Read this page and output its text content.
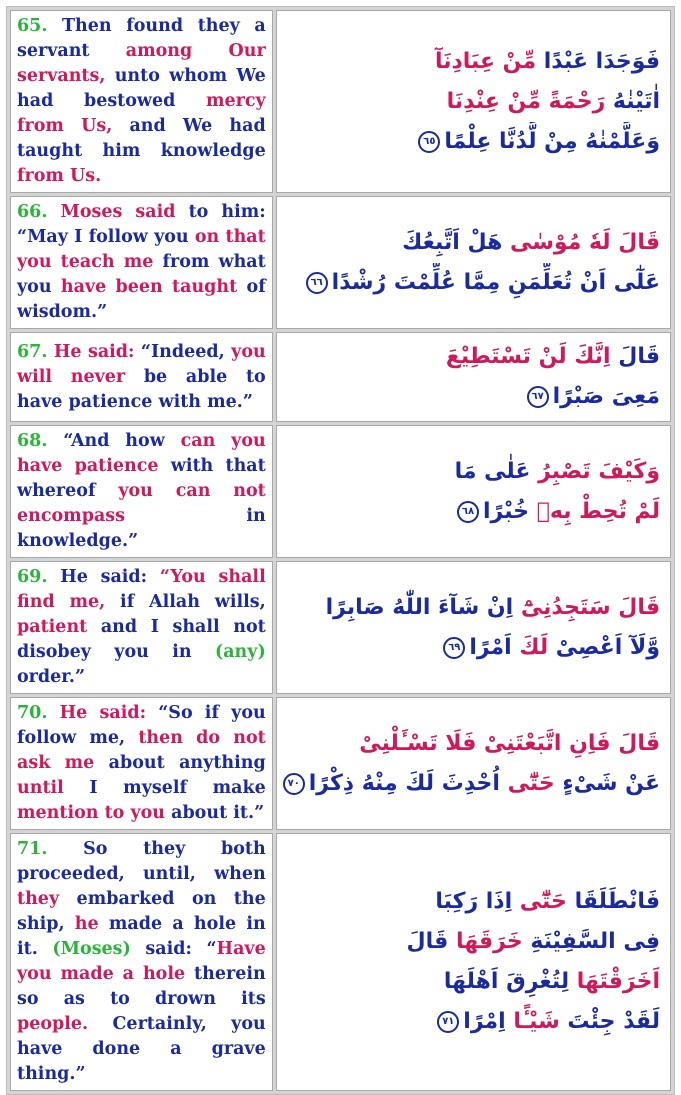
65. Then found they a servant among Our servants, unto whom We had bestowed mercy from Us, and We had taught him knowledge from Us.	فَوَجَدَا عَبْدًا مِّنْ عِبَادِنَآ
اٰتَيْنٰهُ رَحْمَةً مِّنْ عِنْدِنَا
وَعَلَّمْنٰهُ مِنْ لَّدُنَّا عِلْمًا٦٥

66. Moses said to him: “May I follow you on that you teach me from what you have been taught of wisdom.”	قَالَ لَهٗ مُوْسٰى هَلْ اَتَّبِعُكَ
عَلٰٓى اَنْ تُعَلِّمَنِ مِمَّا عُلِّمْتَ رُشْدًا٦٦

67. He said: “Indeed, you will never be able to have patience with me.”	قَالَ اِنَّكَ لَنْ تَسْتَطِيْعَ
مَعِىَ صَبْرًا٦٧

68. “And how can you have patience with that whereof you can not encompass in knowledge.”	وَكَيْفَ تَصْبِرُ عَلٰى مَا
لَمْ تُحِطْ بِهٖ خُبْرًا٦٨

69. He said: “You shall find me, if Allah wills, patient and I shall not disobey you in (any) order.”	قَالَ سَتَجِدُنِىْٓ اِنْ شَآءَ اللّٰهُ صَابِرًا
وَّلَآ اَعْصِىْ لَكَ اَمْرًا٦٩

70. He said: “So if you follow me, then do not ask me about anything until I myself make mention to you about it.”	قَالَ فَاِنِ اتَّبَعْتَنِىْ فَلَا تَسْـَٔلْنِىْ
عَنْ شَىْءٍ حَتّٰٓى اُحْدِثَ لَكَ مِنْهُ ذِكْرًا٧٠

71. So they both proceeded, until, when they embarked on the ship, he made a hole in it. (Moses) said: “Have you made a hole therein so as to drown its people. Certainly, you have done a grave thing.”	فَانْطَلَقَا حَتّٰٓى اِذَا رَكِبَا
فِى السَّفِيْنَةِ خَرَقَهَا قَالَ
اَخَرَقْتَهَا لِتُغْرِقَ اَهْلَهَا
لَقَدْ جِئْتَ شَيْـًٔا اِمْرًا٧١
